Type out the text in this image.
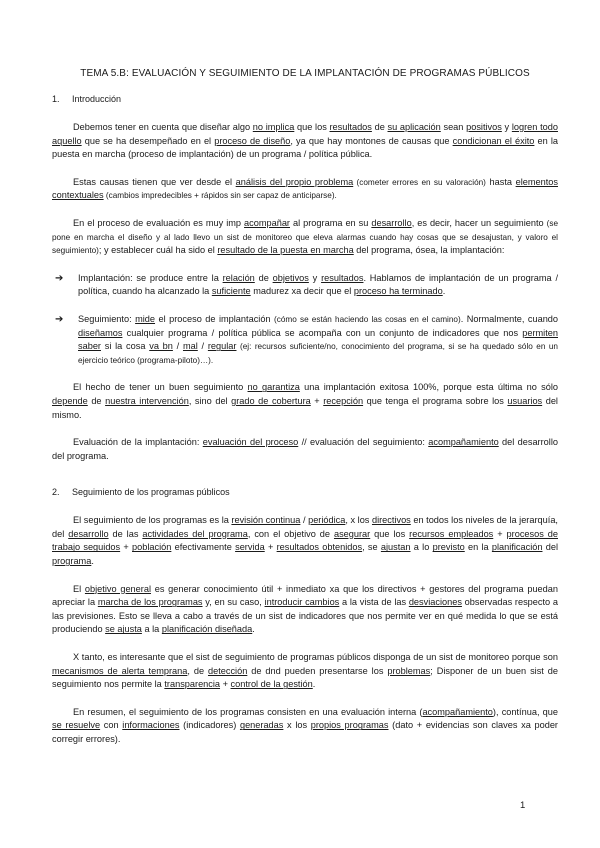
TEMA 5.B: EVALUACIÓN Y SEGUIMIENTO DE LA IMPLANTACIÓN DE PROGRAMAS PÚBLICOS
1.	Introducción

Debemos tener en cuenta que diseñar algo no implica que los resultados de su aplicación sean positivos y logren todo aquello que se ha desempeñado en el proceso de diseño, ya que hay montones de causas que condicionan el éxito en la puesta en marcha (proceso de implantación) de un programa / política pública.

Estas causas tienen que ver desde el análisis del propio problema (cometer errores en su valoración) hasta elementos contextuales (cambios impredecibles + rápidos sin ser capaz de anticiparse).

En el proceso de evaluación es muy imp acompañar al programa en su desarrollo, es decir, hacer un seguimiento (se pone en marcha el diseño y al lado llevo un sist de monitoreo que eleva alarmas cuando hay cosas que se desajustan, y valoro el seguimiento); y establecer cuál ha sido el resultado de la puesta en marcha del programa, ósea, la implantación:

➔	Implantación: se produce entre la relación de objetivos y resultados. Hablamos de implantación de un programa / política, cuando ha alcanzado la suficiente madurez xa decir que el proceso ha terminado.

➔	Seguimiento: mide el proceso de implantación (cómo se están haciendo las cosas en el camino). Normalmente, cuando diseñamos cualquier programa / política pública se acompaña con un conjunto de indicadores que nos permiten saber si la cosa va bn / mal / regular (ej: recursos suficiente/no, conocimiento del programa, si se ha quedado sólo en un ejercicio teórico (programa-piloto)…).

El hecho de tener un buen seguimiento no garantiza una implantación exitosa 100%, porque esta última no sólo depende de nuestra intervención, sino del grado de cobertura + recepción que tenga el programa sobre los usuarios del mismo.

Evaluación de la implantación: evaluación del proceso // evaluación del seguimiento: acompañamiento del desarrollo del programa.

2.	Seguimiento de los programas públicos

El seguimiento de los programas es la revisión continua / periódica, x los directivos en todos los niveles de la jerarquía, del desarrollo de las actividades del programa, con el objetivo de asegurar que los recursos empleados + procesos de trabajo seguidos + población efectivamente servida + resultados obtenidos, se ajustan a lo previsto en la planificación del programa.

El objetivo general es generar conocimiento útil + inmediato xa que los directivos + gestores del programa puedan apreciar la marcha de los programas y, en su caso, introducir cambios a la vista de las desviaciones observadas respecto a las previsiones. Esto se lleva a cabo a través de un sist de indicadores que nos permite ver en qué medida lo que se está produciendo se ajusta a la planificación diseñada.

X tanto, es interesante que el sist de seguimiento de programas públicos disponga de un sist de monitoreo porque son mecanismos de alerta temprana, de detección de dnd pueden presentarse los problemas; Disponer de un buen sist de seguimiento nos permite la transparencia + control de la gestión.

En resumen, el seguimiento de los programas consisten en una evaluación interna (acompañamiento), contínua, que se resuelve con informaciones (indicadores) generadas x los propios programas (dato + evidencias son claves xa poder corregir errores).

1
